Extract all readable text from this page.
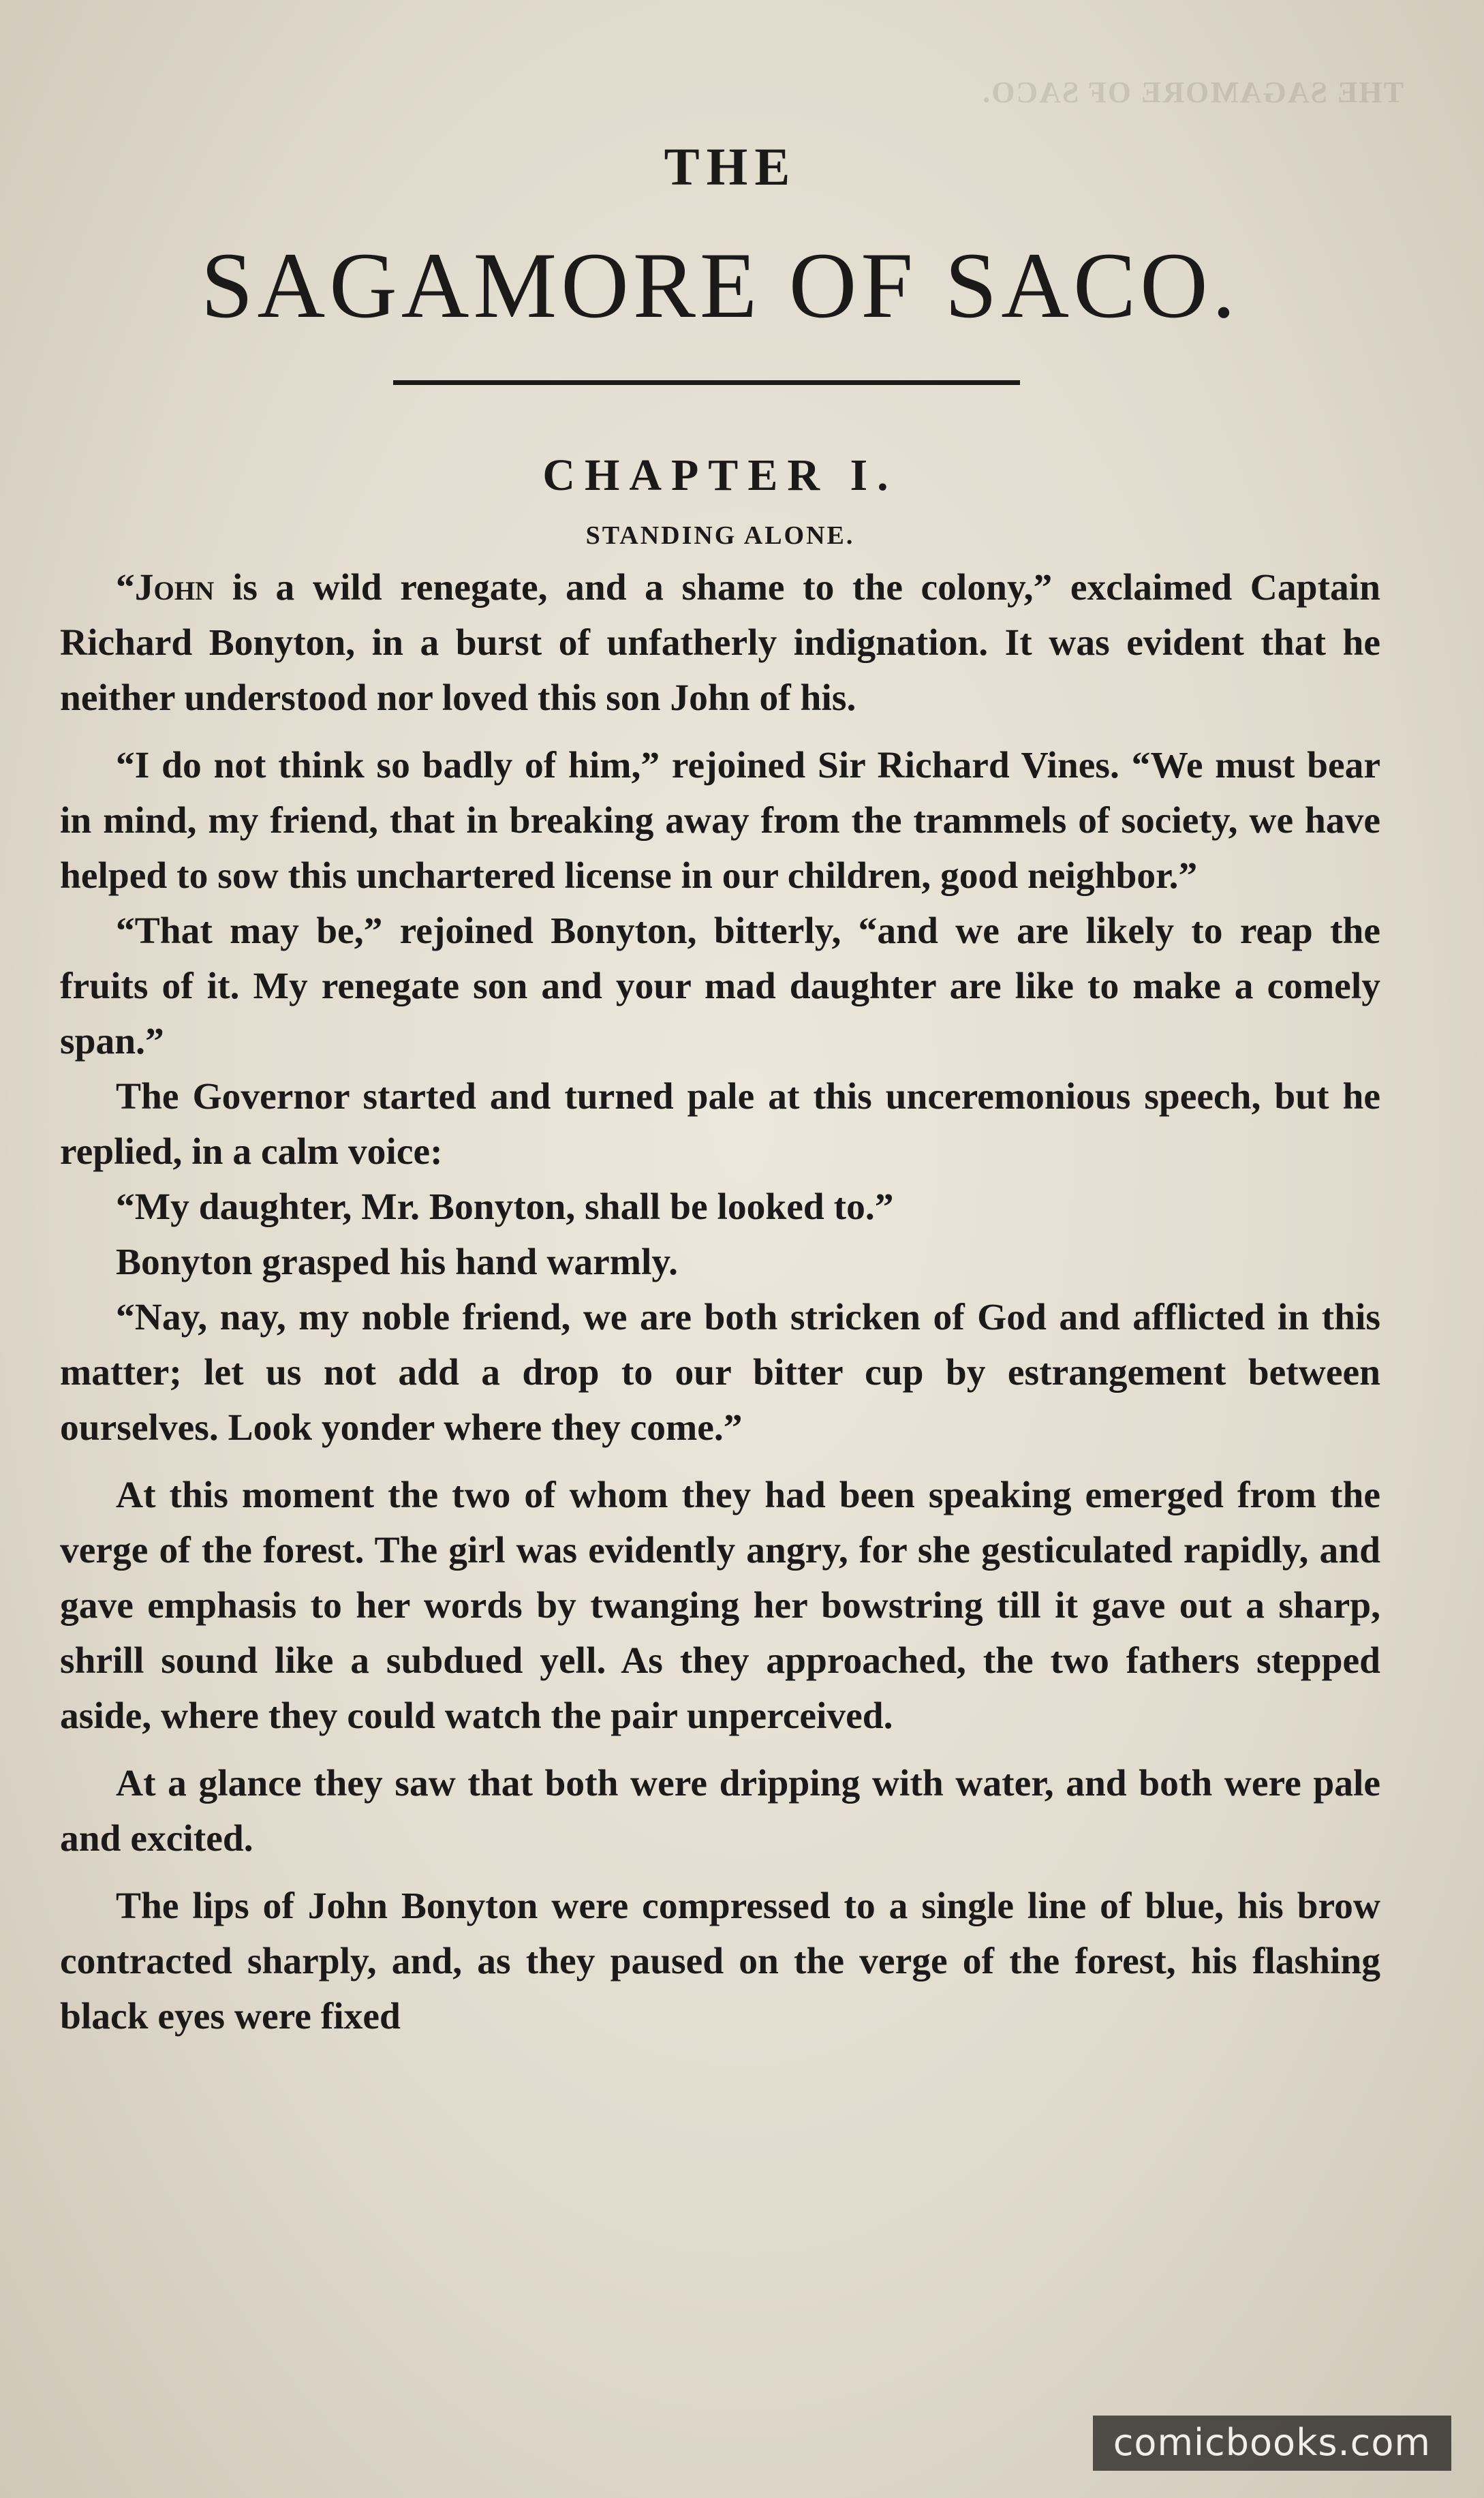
THE SAGAMORE OF SACO.
THE
SAGAMORE OF SACO.
CHAPTER I.
STANDING ALONE.

“John is a wild renegate, and a shame to the colony,” exclaimed Captain Richard Bonyton, in a burst of unfatherly indignation. It was evident that he neither understood nor loved this son John of his.

“I do not think so badly of him,” rejoined Sir Richard Vines. “We must bear in mind, my friend, that in breaking away from the trammels of society, we have helped to sow this unchartered license in our children, good neighbor.”

“That may be,” rejoined Bonyton, bitterly, “and we are likely to reap the fruits of it. My renegate son and your mad daughter are like to make a comely span.”

The Governor started and turned pale at this unceremonious speech, but he replied, in a calm voice:

“My daughter, Mr. Bonyton, shall be looked to.”

Bonyton grasped his hand warmly.

“Nay, nay, my noble friend, we are both stricken of God and afflicted in this matter; let us not add a drop to our bitter cup by estrangement between ourselves. Look yonder where they come.”

At this moment the two of whom they had been speaking emerged from the verge of the forest. The girl was evidently angry, for she gesticulated rapidly, and gave emphasis to her words by twanging her bowstring till it gave out a sharp, shrill sound like a subdued yell. As they approached, the two fathers stepped aside, where they could watch the pair unperceived.

At a glance they saw that both were dripping with water, and both were pale and excited.

The lips of John Bonyton were compressed to a single line of blue, his brow contracted sharply, and, as they paused on the verge of the forest, his flashing black eyes were fixed

comicbooks.com
